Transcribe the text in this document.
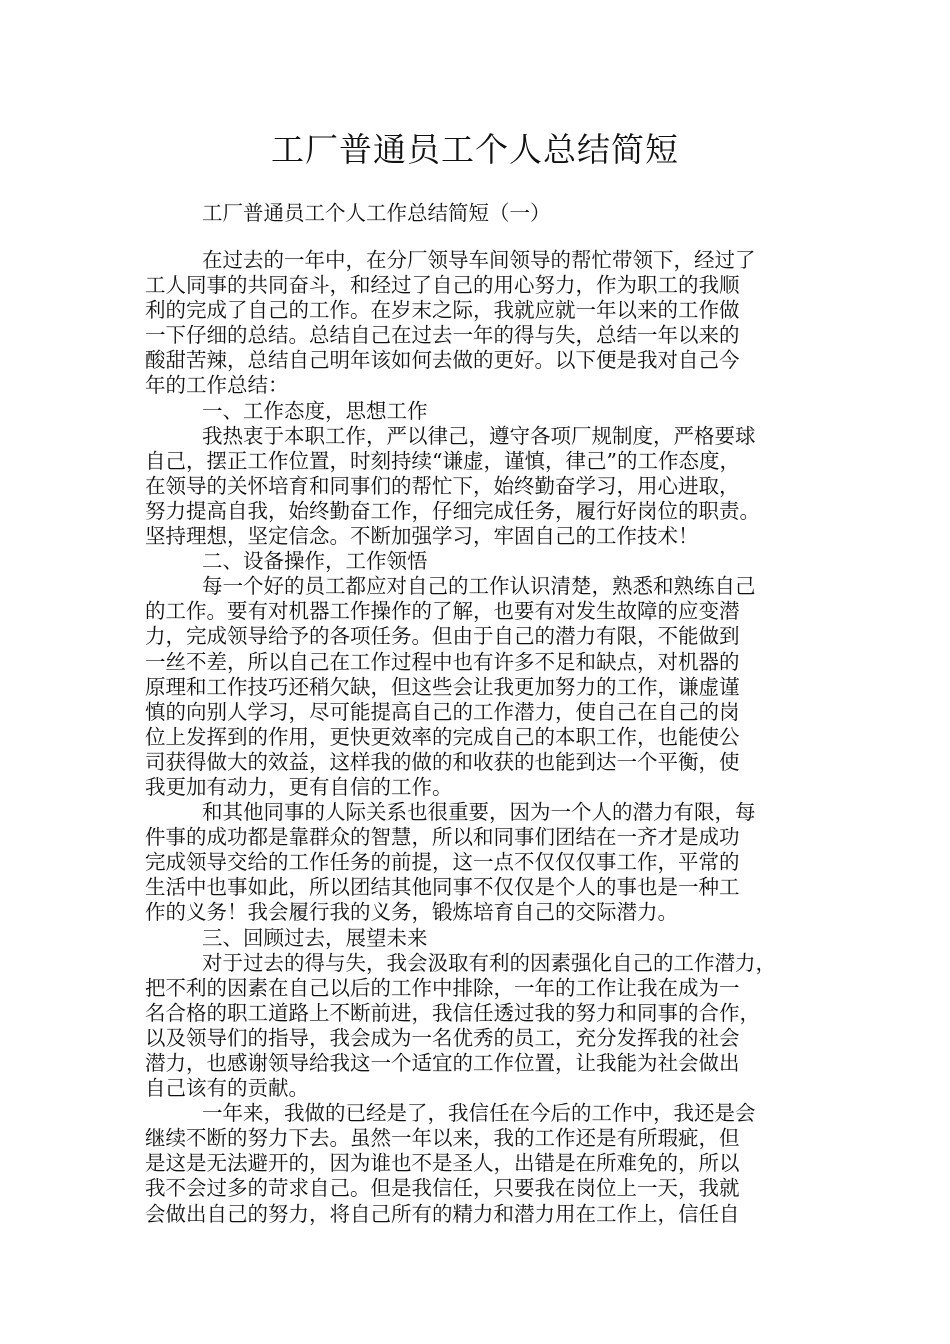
工厂普通员工个人总结简短
工厂普通员工个人工作总结简短（一）
在过去的一年中，在分厂领导车间领导的帮忙带领下，经过了
工人同事的共同奋斗，和经过了自己的用心努力，作为职工的我顺
利的完成了自己的工作。在岁末之际，我就应就一年以来的工作做
一下仔细的总结。总结自己在过去一年的得与失，总结一年以来的
酸甜苦辣，总结自己明年该如何去做的更好。以下便是我对自己今
年的工作总结：
一、工作态度，思想工作
我热衷于本职工作，严以律己，遵守各项厂规制度，严格要球
自己，摆正工作位置，时刻持续“谦虚，谨慎，律己”的工作态度，
在领导的关怀培育和同事们的帮忙下，始终勤奋学习，用心进取，
努力提高自我，始终勤奋工作，仔细完成任务，履行好岗位的职责。
坚持理想，坚定信念。不断加强学习，牢固自己的工作技术！
二、设备操作，工作领悟
每一个好的员工都应对自己的工作认识清楚，熟悉和熟练自己
的工作。要有对机器工作操作的了解，也要有对发生故障的应变潜
力，完成领导给予的各项任务。但由于自己的潜力有限，不能做到
一丝不差，所以自己在工作过程中也有许多不足和缺点，对机器的
原理和工作技巧还稍欠缺，但这些会让我更加努力的工作，谦虚谨
慎的向别人学习，尽可能提高自己的工作潜力，使自己在自己的岗
位上发挥到的作用，更快更效率的完成自己的本职工作，也能使公
司获得做大的效益，这样我的做的和收获的也能到达一个平衡，使
我更加有动力，更有自信的工作。
和其他同事的人际关系也很重要，因为一个人的潜力有限，每
件事的成功都是靠群众的智慧，所以和同事们团结在一齐才是成功
完成领导交给的工作任务的前提，这一点不仅仅仅事工作，平常的
生活中也事如此，所以团结其他同事不仅仅是个人的事也是一种工
作的义务！我会履行我的义务，锻炼培育自己的交际潜力。
三、回顾过去，展望未来
对于过去的得与失，我会汲取有利的因素强化自己的工作潜力，
把不利的因素在自己以后的工作中排除，一年的工作让我在成为一
名合格的职工道路上不断前进，我信任透过我的努力和同事的合作，
以及领导们的指导，我会成为一名优秀的员工，充分发挥我的社会
潜力，也感谢领导给我这一个适宜的工作位置，让我能为社会做出
自己该有的贡献。
一年来，我做的已经是了，我信任在今后的工作中，我还是会
继续不断的努力下去。虽然一年以来，我的工作还是有所瑕疵，但
是这是无法避开的，因为谁也不是圣人，出错是在所难免的，所以
我不会过多的苛求自己。但是我信任，只要我在岗位上一天，我就
会做出自己的努力，将自己所有的精力和潜力用在工作上，信任自
